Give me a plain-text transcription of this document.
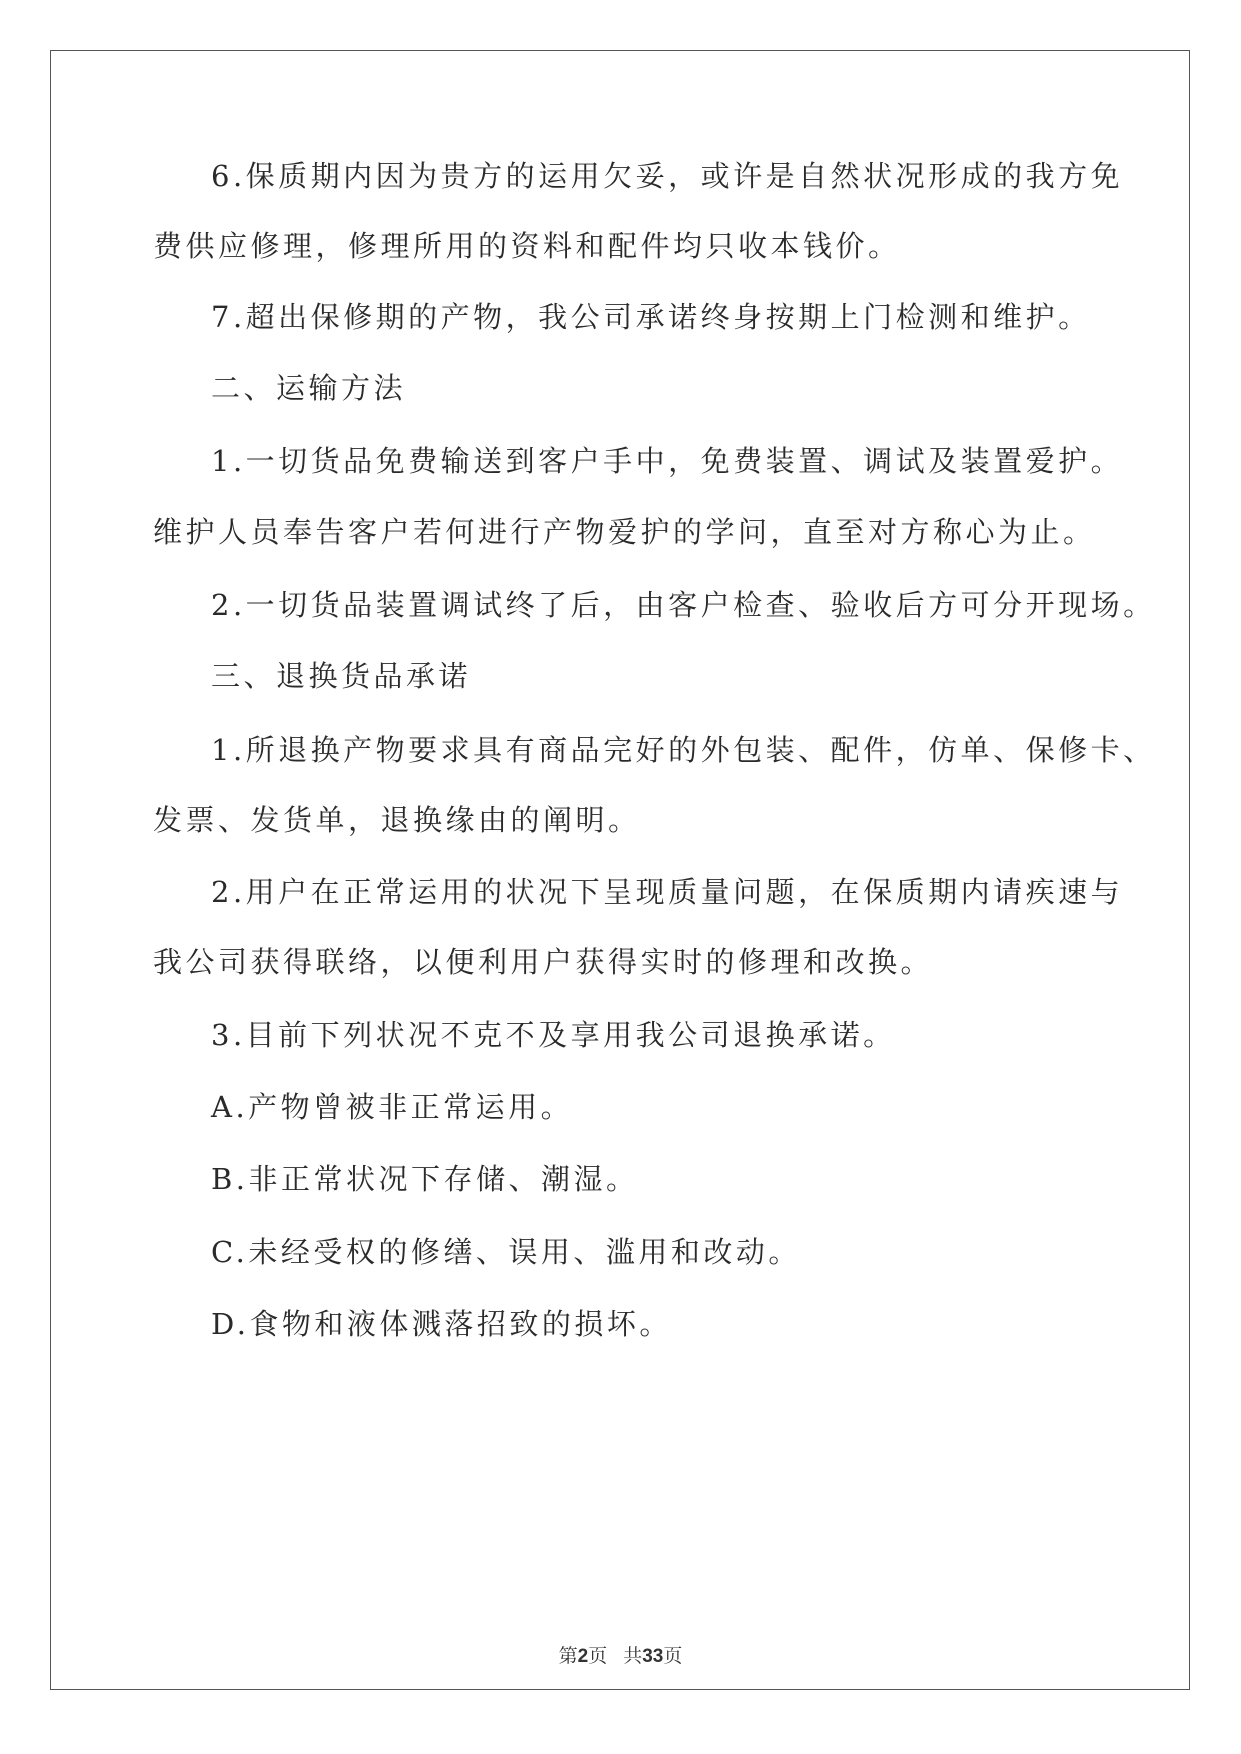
6.保质期内因为贵方的运用欠妥，或许是自然状况形成的我方免
费供应修理，修理所用的资料和配件均只收本钱价。
7.超出保修期的产物，我公司承诺终身按期上门检测和维护。
二、运输方法
1.一切货品免费输送到客户手中，免费装置、调试及装置爱护。
维护人员奉告客户若何进行产物爱护的学问，直至对方称心为止。
2.一切货品装置调试终了后，由客户检查、验收后方可分开现场。
三、退换货品承诺
1.所退换产物要求具有商品完好的外包装、配件，仿单、保修卡、
发票、发货单，退换缘由的阐明。
2.用户在正常运用的状况下呈现质量问题，在保质期内请疾速与
我公司获得联络，以便利用户获得实时的修理和改换。
3.目前下列状况不克不及享用我公司退换承诺。
A.产物曾被非正常运用。
B.非正常状况下存储、潮湿。
C.未经受权的修缮、误用、滥用和改动。
D.食物和液体溅落招致的损坏。
第2页 共33页
